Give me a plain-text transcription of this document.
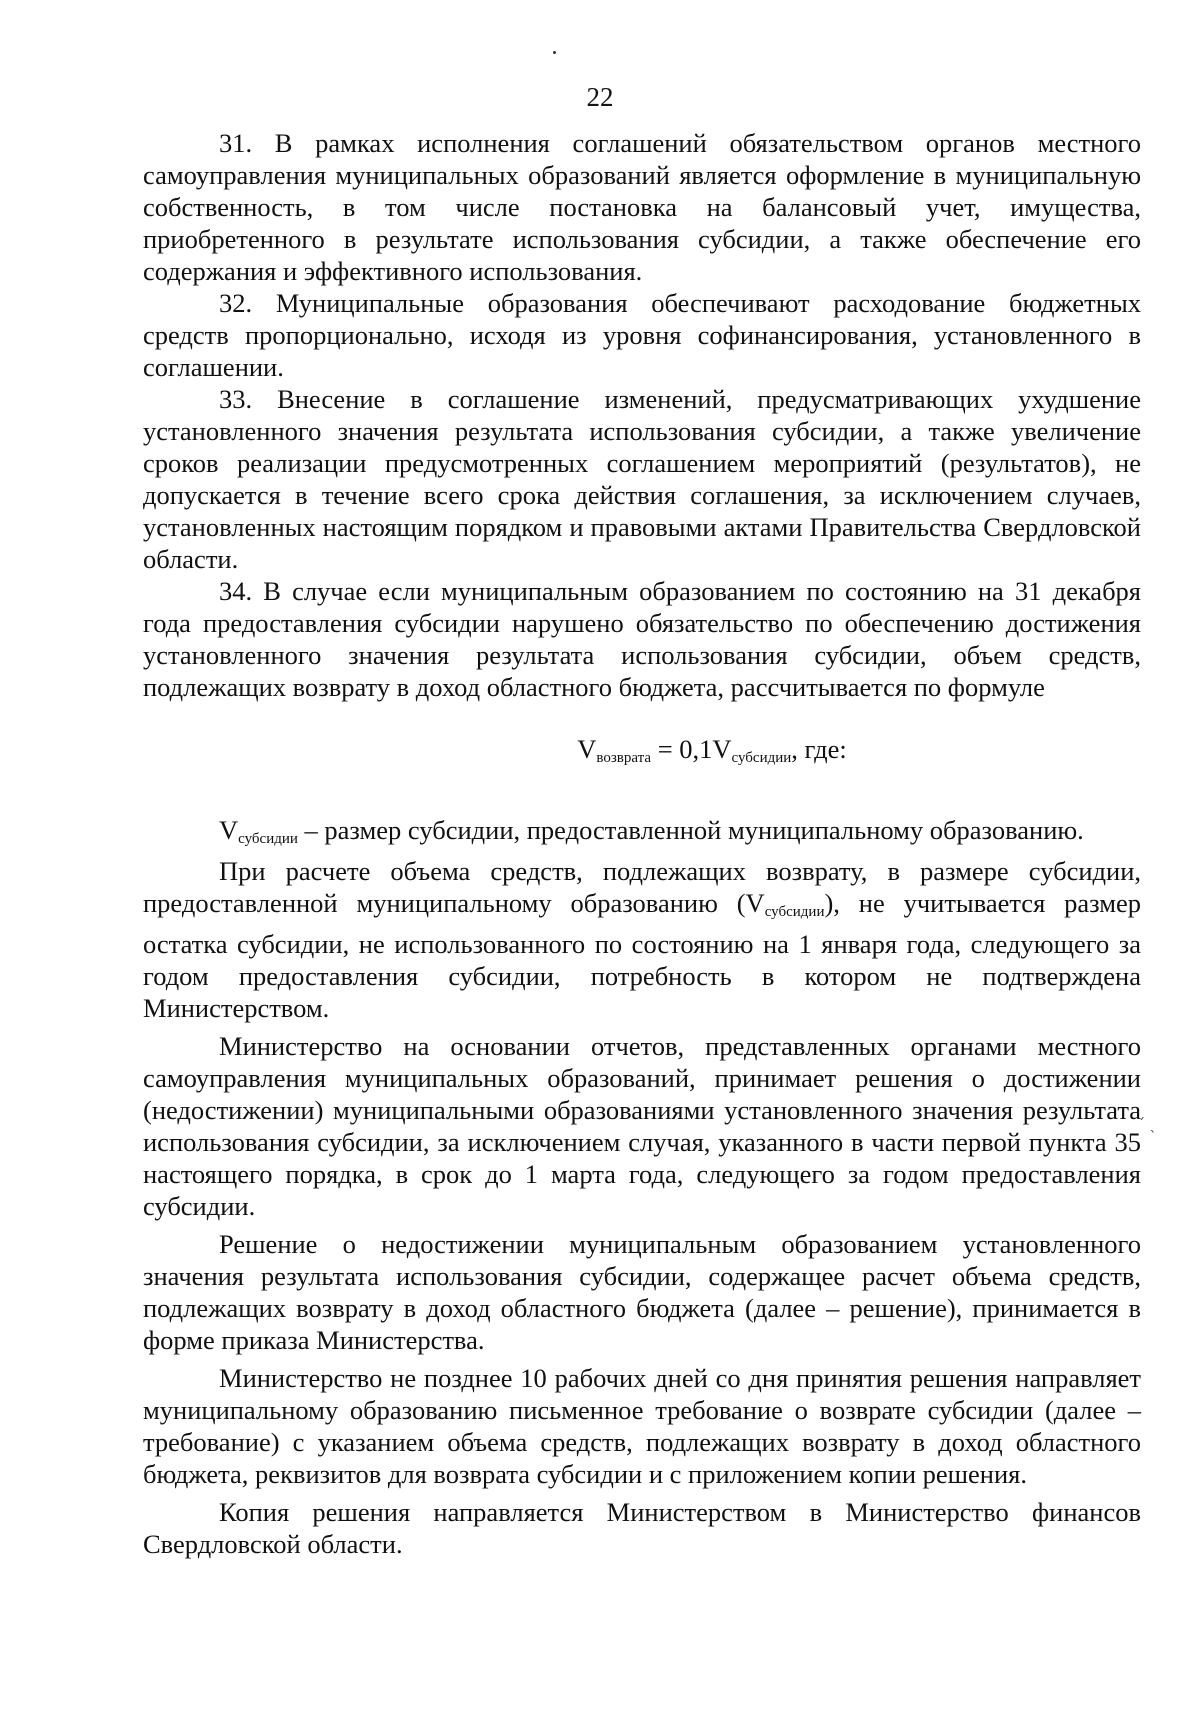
22

31. В рамках исполнения соглашений обязательством органов местного самоуправления муниципальных образований является оформление в муниципальную собственность, в том числе постановка на балансовый учет, имущества, приобретенного в результате использования субсидии, а также обеспечение его содержания и эффективного использования.

32. Муниципальные образования обеспечивают расходование бюджетных средств пропорционально, исходя из уровня софинансирования, установленного в соглашении.

33. Внесение в соглашение изменений, предусматривающих ухудшение установленного значения результата использования субсидии, а также увеличение сроков реализации предусмотренных соглашением мероприятий (результатов), не допускается в течение всего срока действия соглашения, за исключением случаев, установленных настоящим порядком и правовыми актами Правительства Свердловской области.

34. В случае если муниципальным образованием по состоянию на 31 декабря года предоставления субсидии нарушено обязательство по обеспечению достижения установленного значения результата использования субсидии, объем средств, подлежащих возврату в доход областного бюджета, рассчитывается по формуле

$V_{возврата} = 0,1V_{субсидии}$, где:

$V_{субсидии}$ – размер субсидии, предоставленной муниципальному образованию.

При расчете объема средств, подлежащих возврату, в размере субсидии, предоставленной муниципальному образованию $(V_{субсидии})$, не учитывается размер остатка субсидии, не использованного по состоянию на 1 января года, следующего за годом предоставления субсидии, потребность в котором не подтверждена Министерством.

Министерство на основании отчетов, представленных органами местного самоуправления муниципальных образований, принимает решения о достижении (недостижении) муниципальными образованиями установленного значения результата использования субсидии, за исключением случая, указанного в части первой пункта 35 настоящего порядка, в срок до 1 марта года, следующего за годом предоставления субсидии.

Решение о недостижении муниципальным образованием установленного значения результата использования субсидии, содержащее расчет объема средств, подлежащих возврату в доход областного бюджета (далее – решение), принимается в форме приказа Министерства.

Министерство не позднее 10 рабочих дней со дня принятия решения направляет муниципальному образованию письменное требование о возврате субсидии (далее – требование) с указанием объема средств, подлежащих возврату в доход областного бюджета, реквизитов для возврата субсидии и с приложением копии решения.

Копия решения направляется Министерством в Министерство финансов Свердловской области.

´ ˎ
